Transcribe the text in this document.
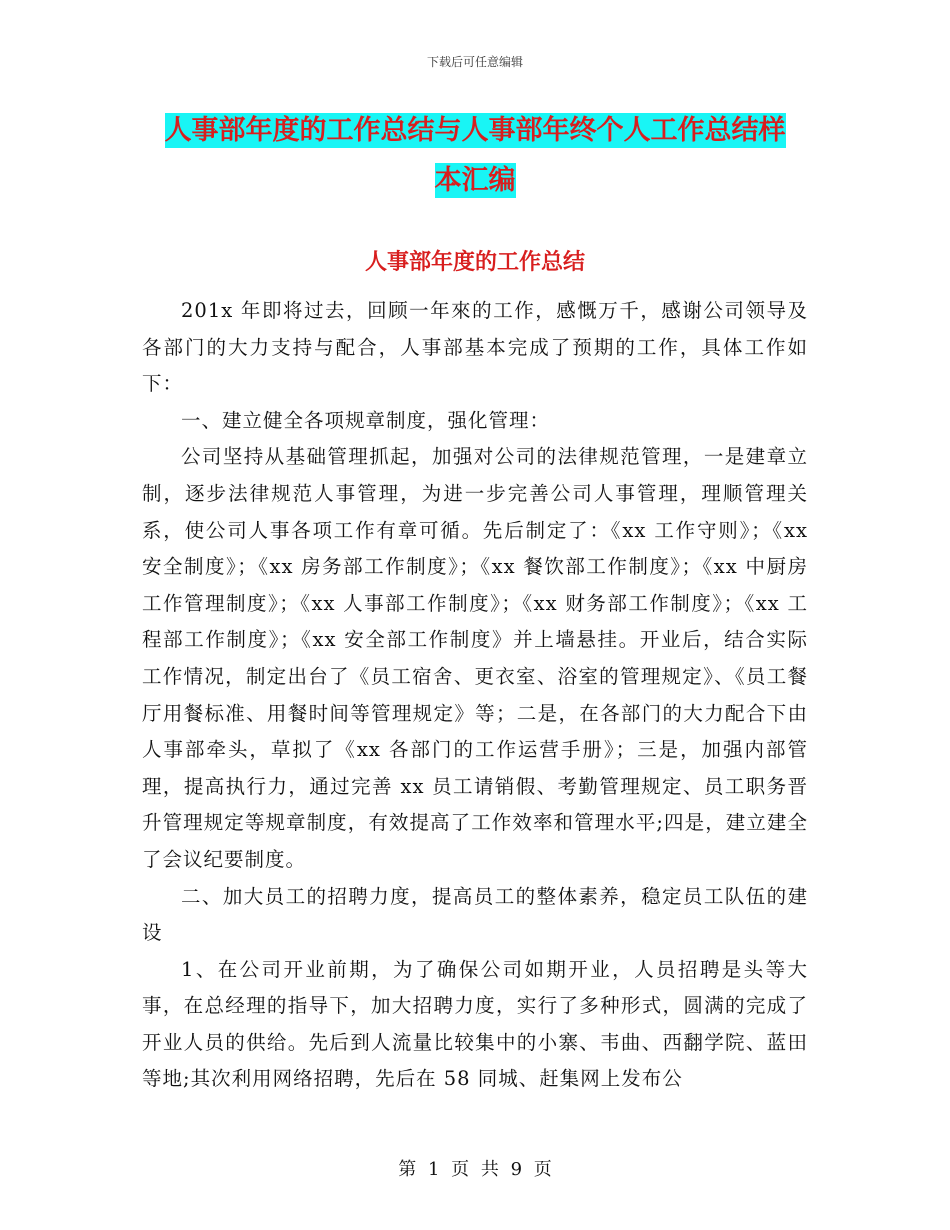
下载后可任意编辑
人事部年度的工作总结与人事部年终个人工作总结样
本汇编
人事部年度的工作总结

201x 年即将过去，回顾一年來的工作，感慨万千，感谢公司领导及各部门的大力支持与配合，人事部基本完成了预期的工作，具体工作如下：

一、建立健全各项规章制度，强化管理：

公司坚持从基础管理抓起，加强对公司的法律规范管理，一是建章立制，逐步法律规范人事管理，为进一步完善公司人事管理，理顺管理关系，使公司人事各项工作有章可循。先后制定了：《xx 工作守则》；《xx 安全制度》；《xx 房务部工作制度》；《xx 餐饮部工作制度》；《xx 中厨房工作管理制度》；《xx 人事部工作制度》；《xx 财务部工作制度》；《xx 工程部工作制度》；《xx 安全部工作制度》并上墙悬挂。开业后，结合实际工作情况，制定出台了《员工宿舍、更衣室、浴室的管理规定》、《员工餐厅用餐标准、用餐时间等管理规定》等；二是，在各部门的大力配合下由人事部牵头，草拟了《xx 各部门的工作运营手册》；三是，加强内部管理，提高执行力，通过完善 xx 员工请销假、考勤管理规定、员工职务晋升管理规定等规章制度，有效提高了工作效率和管理水平;四是，建立建全了会议纪要制度。

二、加大员工的招聘力度，提高员工的整体素养，稳定员工队伍的建设

1、在公司开业前期，为了确保公司如期开业，人员招聘是头等大事，在总经理的指导下，加大招聘力度，实行了多种形式，圆满的完成了开业人员的供给。先后到人流量比较集中的小寨、韦曲、西翻学院、蓝田等地;其次利用网络招聘，先后在 58 同城、赶集网上发布公

第 1 页 共 9 页
